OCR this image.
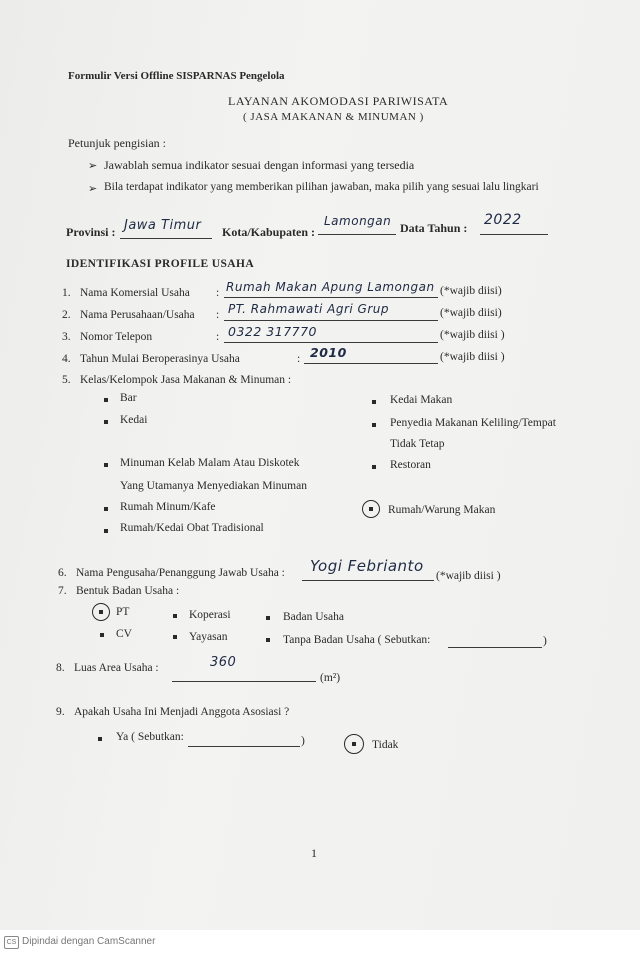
Formulir Versi Offline SISPARNAS Pengelola
LAYANAN AKOMODASI PARIWISATA
( JASA MAKANAN & MINUMAN )
Petunjuk pengisian :
➢ Jawablah semua indikator sesuai dengan informasi yang tersedia
➢ Bila terdapat indikator yang memberikan pilihan jawaban, maka pilih yang sesuai lalu lingkari
Provinsi : Jawa Timur Kota/Kabupaten :
Lamongan Data Tahun : 2022
IDENTIFIKASI PROFILE USAHA
1. Nama Komersial Usaha : Rumah Makan Apung Lamongan (*wajib diisi)
2. Nama Perusahaan/Usaha : PT. Rahmawati Agri Grup	(*wajib diisi)
3. Nomor Telepon	: 0322 317770	(*wajib diisi )
4. Tahun Mulai Beroperasinya Usaha	: 2010	(*wajib diisi )
5. Kelas/Kelompok Jasa Makanan & Minuman :
Bar
Kedai
Minuman Kelab Malam Atau Diskotek
Yang Utamanya Menyediakan Minuman
Rumah Minum/Kafe
Rumah/Kedai Obat Tradisional
Kedai Makan
Penyedia Makanan Keliling/Tempat
Tidak Tetap
Restoran
Rumah/Warung Makan
6. Nama Pengusaha/Penanggung Jawab Usaha : Yogi Febrianto
(*wajib diisi )
7. Bentuk Badan Usaha :
PT	Koperasi	Badan Usaha
CV	Yayasan	Tanpa Badan Usaha ( Sebutkan:	)
8. Luas Area Usaha :	360
(m²)
9. Apakah Usaha Ini Menjadi Anggota Asosiasi ?
Ya ( Sebutkan:	)	Tidak
1
CS Dipindai dengan CamScanner
